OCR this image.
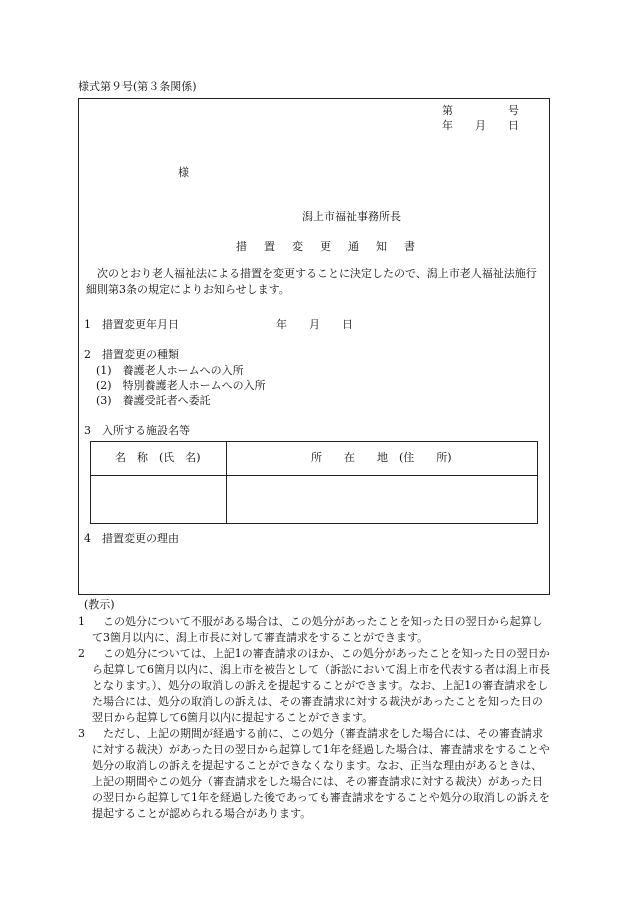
様式第９号(第３条関係)
第　　　　　号
年　　月　　日
様
潟上市福祉事務所長
措　置　変　更　通　知　書
　次のとおり老人福祉法による措置を変更することに決定したので、潟上市老人福祉法施行細則第3条の規定によりお知らせします。
1　措置変更年月日	年　　月　　日
2　措置変更の種類
(1)　養護老人ホームへの入所
(2)　特別養護老人ホームへの入所
(3)　養護受託者へ委託
3　入所する施設名等
名　称　(氏　名)	所　　在　　地　(住　　所)
4　措置変更の理由
(教示)
1 　この処分について不服がある場合は、この処分があったことを知った日の翌日から起算して3箇月以内に、潟上市長に対して審査請求をすることができます。
2 　この処分については、上記1の審査請求のほか、この処分があったことを知った日の翌日から起算して6箇月以内に、潟上市を被告として（訴訟において潟上市を代表する者は潟上市長となります。）、処分の取消しの訴えを提起することができます。なお、上記1の審査請求をした場合には、処分の取消しの訴えは、その審査請求に対する裁決があったことを知った日の翌日から起算して6箇月以内に提起することができます。
3 　ただし、上記の期間が経過する前に、この処分（審査請求をした場合には、その審査請求に対する裁決）があった日の翌日から起算して1年を経過した場合は、審査請求をすることや処分の取消しの訴えを提起することができなくなります。なお、正当な理由があるときは、上記の期間やこの処分（審査請求をした場合には、その審査請求に対する裁決）があった日の翌日から起算して1年を経過した後であっても審査請求をすることや処分の取消しの訴えを提起することが認められる場合があります。
